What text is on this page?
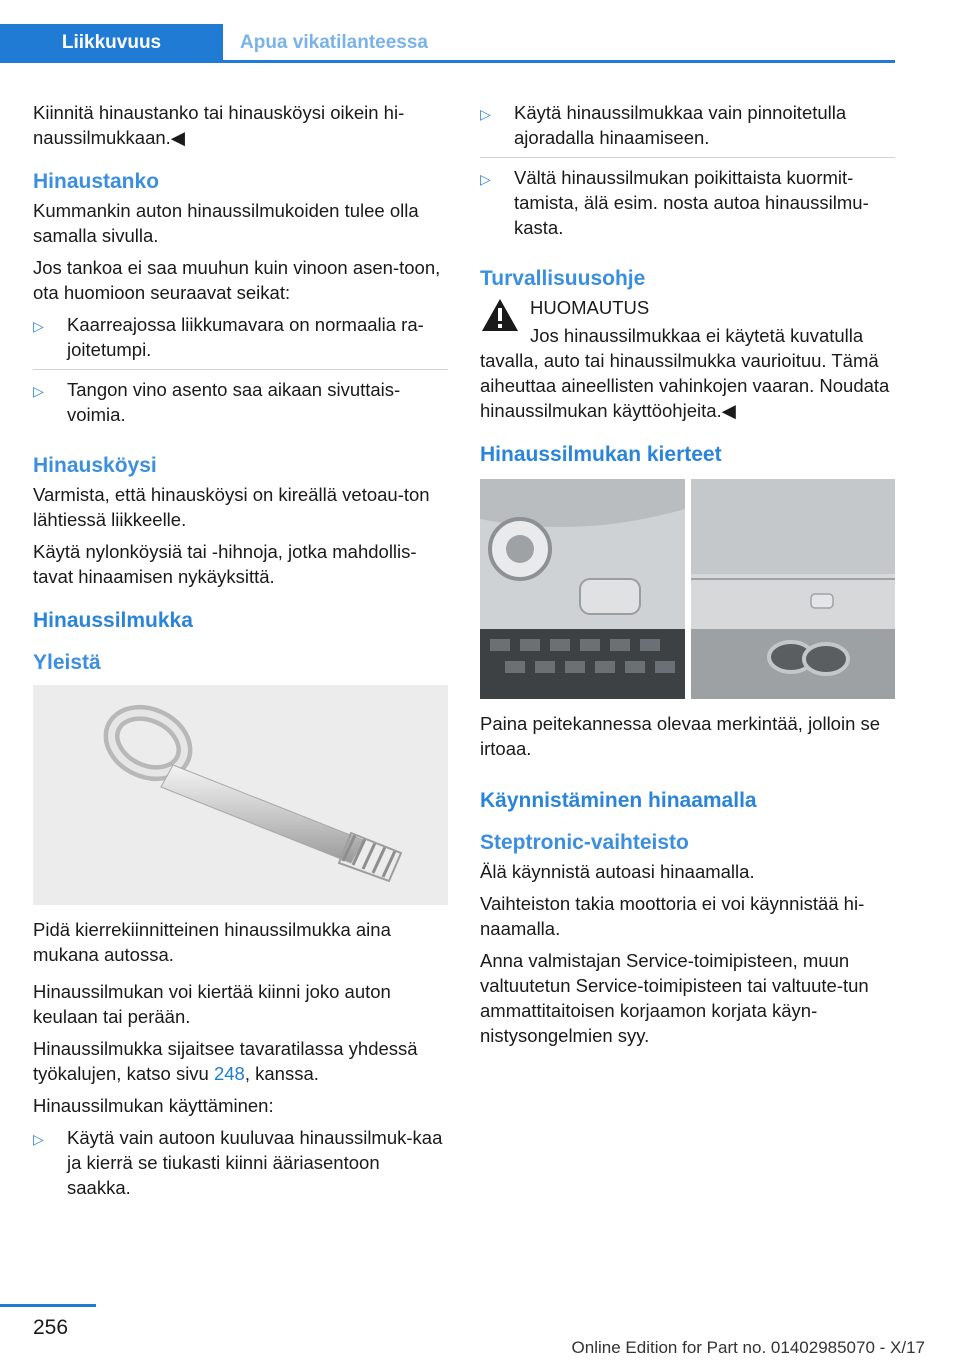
Liikkuvuus	Apua vikatilanteessa

Kiinnitä hinaustanko tai hinausköysi oikein hi-naussilmukkaan.◀

Hinaustanko

Kummankin auton hinaussilmukoiden tulee olla samalla sivulla.

Jos tankoa ei saa muuhun kuin vinoon asen-toon, ota huomioon seuraavat seikat:

▷ Kaarreajossa liikkumavara on normaalia ra-joitetumpi.
▷ Tangon vino asento saa aikaan sivuttais-voimia.
Hinausköysi

Varmista, että hinausköysi on kireällä vetoau-ton lähtiessä liikkeelle.

Käytä nylonköysiä tai -hihnoja, jotka mahdollis-tavat hinaamisen nykäyksittä.

Hinaussilmukka
Yleistä

Pidä kierrekiinnitteinen hinaussilmukka aina mukana autossa.

Hinaussilmukan voi kiertää kiinni joko auton keulaan tai perään.

Hinaussilmukka sijaitsee tavaratilassa yhdessä työkalujen, katso sivu 248, kanssa.

Hinaussilmukan käyttäminen:

▷ Käytä vain autoon kuuluvaa hinaussilmuk-kaa ja kierrä se tiukasti kiinni ääriasentoon saakka.
▷ Käytä hinaussilmukkaa vain pinnoitetulla ajoradalla hinaamiseen.
▷ Vältä hinaussilmukan poikittaista kuormit-tamista, älä esim. nosta autoa hinaussilmu-kasta.
Turvallisuusohje

HUOMAUTUS

Jos hinaussilmukkaa ei käytetä kuvatulla tavalla, auto tai hinaussilmukka vaurioituu. Tämä aiheuttaa aineellisten vahinkojen vaaran. Noudata hinaussilmukan käyttöohjeita.◀

Hinaussilmukan kierteet

Paina peitekannessa olevaa merkintää, jolloin se irtoaa.

Käynnistäminen hinaamalla
Steptronic-vaihteisto

Älä käynnistä autoasi hinaamalla.

Vaihteiston takia moottoria ei voi käynnistää hi-naamalla.

Anna valmistajan Service-toimipisteen, muun valtuutetun Service-toimipisteen tai valtuute-tun ammattitaitoisen korjaamon korjata käyn-nistysongelmien syy.

256
Online Edition for Part no. 01402985070 - X/17
